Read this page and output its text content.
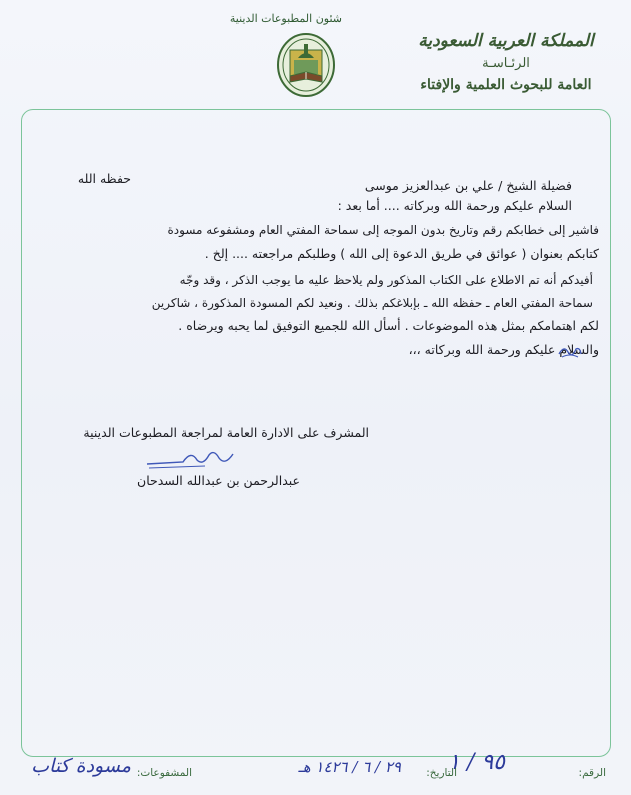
شئون المطبوعات الدينية
المملكة العربية السعودية
الرئـاسـة
العامة للبحوث العلمية والإفتاء
حفظه الله	فضيلة الشيخ / علي بن عبدالعزيز موسى
السلام عليكم ورحمة الله وبركاته .... أما بعد :
فاشير إلى خطابكم رقم وتاريخ بدون الموجه إلى سماحة المفتي العام ومشفوعه مسودة
كتابكم بعنوان ( عوائق في طريق الدعوة إلى الله ) وطلبكم مراجعته .... إلخ .
أفيدكم أنه تم الاطلاع على الكتاب المذكور ولم يلاحظ عليه ما يوجب الذكر ، وقد وجّه
سماحة المفتي العام ـ حفظه الله ـ بإبلاغكم بذلك . ونعيد لكم المسودة المذكورة ، شاكرين
لكم اهتمامكم بمثل هذه الموضوعات . أسأل الله للجميع التوفيق لما يحبه ويرضاه .
والسلام عليكم ورحمة الله وبركاته ،،،
المشرف على الادارة العامة لمراجعة المطبوعات الدينية
عبدالرحمن بن عبدالله السدحان
الرقم:
٩٥ / ١
التاريخ:
٢٩ / ٦ / ١٤٢٦ هـ
المشفوعات:
مسودة كتاب
